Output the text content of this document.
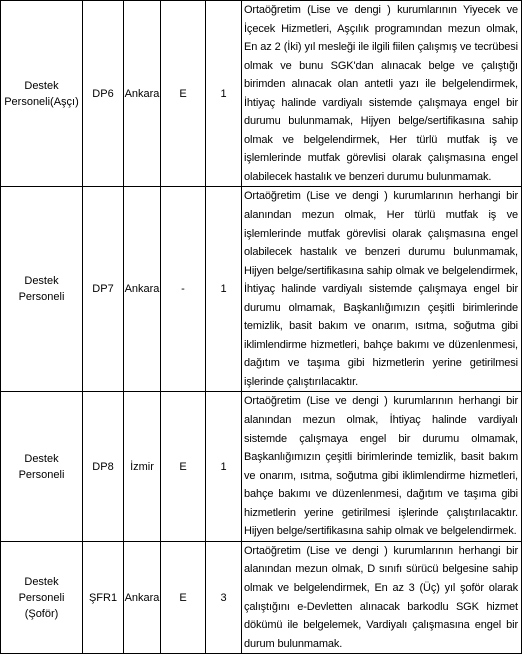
Destek Personeli(Aşçı)	DP6	Ankara	E	1	Ortaöğretim (Lise ve dengi ) kurumlarının Yiyecek ve İçecek Hizmetleri, Aşçılık programından mezun olmak, En az 2 (İki) yıl mesleği ile ilgili fiilen çalışmış ve tecrübesi olmak ve bunu SGK'dan alınacak belge ve çalıştığı birimden alınacak olan antetli yazı ile belgelendirmek, İhtiyaç halinde vardiyalı sistemde çalışmaya engel bir durumu bulunmamak, Hijyen belge/sertifikasına sahip olmak ve belgelendirmek, Her türlü mutfak iş ve işlemlerinde mutfak görevlisi olarak çalışmasına engel olabilecek hastalık ve benzeri durumu bulunmamak.
Destek Personeli	DP7	Ankara	-	1	Ortaöğretim (Lise ve dengi ) kurumlarının herhangi bir alanından mezun olmak, Her türlü mutfak iş ve işlemlerinde mutfak görevlisi olarak çalışmasına engel olabilecek hastalık ve benzeri durumu bulunmamak, Hijyen belge/sertifikasına sahip olmak ve belgelendirmek, İhtiyaç halinde vardiyalı sistemde çalışmaya engel bir durumu olmamak, Başkanlığımızın çeşitli birimlerinde temizlik, basit bakım ve onarım, ısıtma, soğutma gibi iklimlendirme hizmetleri, bahçe bakımı ve düzenlenmesi, dağıtım ve taşıma gibi hizmetlerin yerine getirilmesi işlerinde çalıştırılacaktır.
Destek Personeli	DP8	İzmir	E	1	Ortaöğretim (Lise ve dengi ) kurumlarının herhangi bir alanından mezun olmak, İhtiyaç halinde vardiyalı sistemde çalışmaya engel bir durumu olmamak, Başkanlığımızın çeşitli birimlerinde temizlik, basit bakım ve onarım, ısıtma, soğutma gibi iklimlendirme hizmetleri, bahçe bakımı ve düzenlenmesi, dağıtım ve taşıma gibi hizmetlerin yerine getirilmesi işlerinde çalıştırılacaktır. Hijyen belge/sertifikasına sahip olmak ve belgelendirmek.
Destek Personeli (Şoför)	ŞFR1	Ankara	E	3	Ortaöğretim (Lise ve dengi ) kurumlarının herhangi bir alanından mezun olmak, D sınıfı sürücü belgesine sahip olmak ve belgelendirmek, En az 3 (Üç) yıl şoför olarak çalıştığını e-Devletten alınacak barkodlu SGK hizmet dökümü ile belgelemek, Vardiyalı çalışmasına engel bir durum bulunmamak.
